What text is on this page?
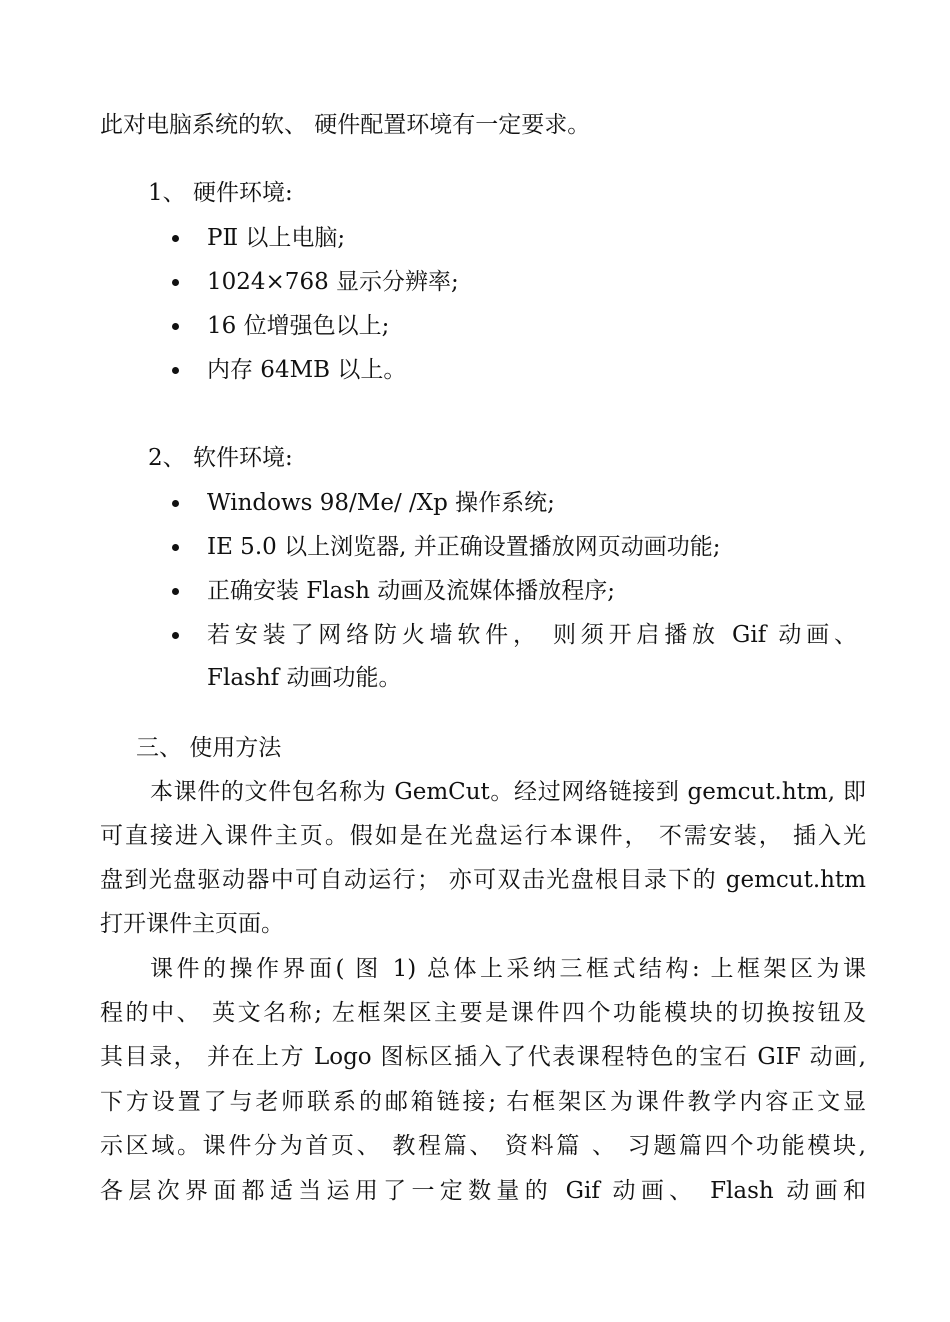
此对电脑系统的软、 硬件配置环境有一定要求。
1、 硬件环境:
PⅡ 以上电脑;
1024×768 显示分辨率;
16 位增强色以上;
内存 64MB 以上。
2、 软件环境:
Windows 98/Me/ /Xp 操作系统;
IE 5.0 以上浏览器, 并正确设置播放网页动画功能;
正确安装 Flash 动画及流媒体播放程序;
若安装了网络防火墙软件， 则须开启播放 Gif 动画、
Flashf 动画功能。
三、 使用方法
本课件的文件包名称为 GemCut。经过网络链接到 gemcut.htm, 即
可直接进入课件主页。假如是在光盘运行本课件， 不需安装， 插入光
盘到光盘驱动器中可自动运行； 亦可双击光盘根目录下的 gemcut.htm
打开课件主页面。
课件的操作界面( 图 1) 总体上采纳三框式结构: 上框架区为课
程的中、 英文名称; 左框架区主要是课件四个功能模块的切换按钮及
其目录， 并在上方 Logo 图标区插入了代表课程特色的宝石 GIF 动画,
下方设置了与老师联系的邮箱链接; 右框架区为课件教学内容正文显
示区域。课件分为首页、 教程篇、 资料篇 、 习题篇四个功能模块,
各层次界面都适当运用了一定数量的 Gif 动画、 Flash 动画和
